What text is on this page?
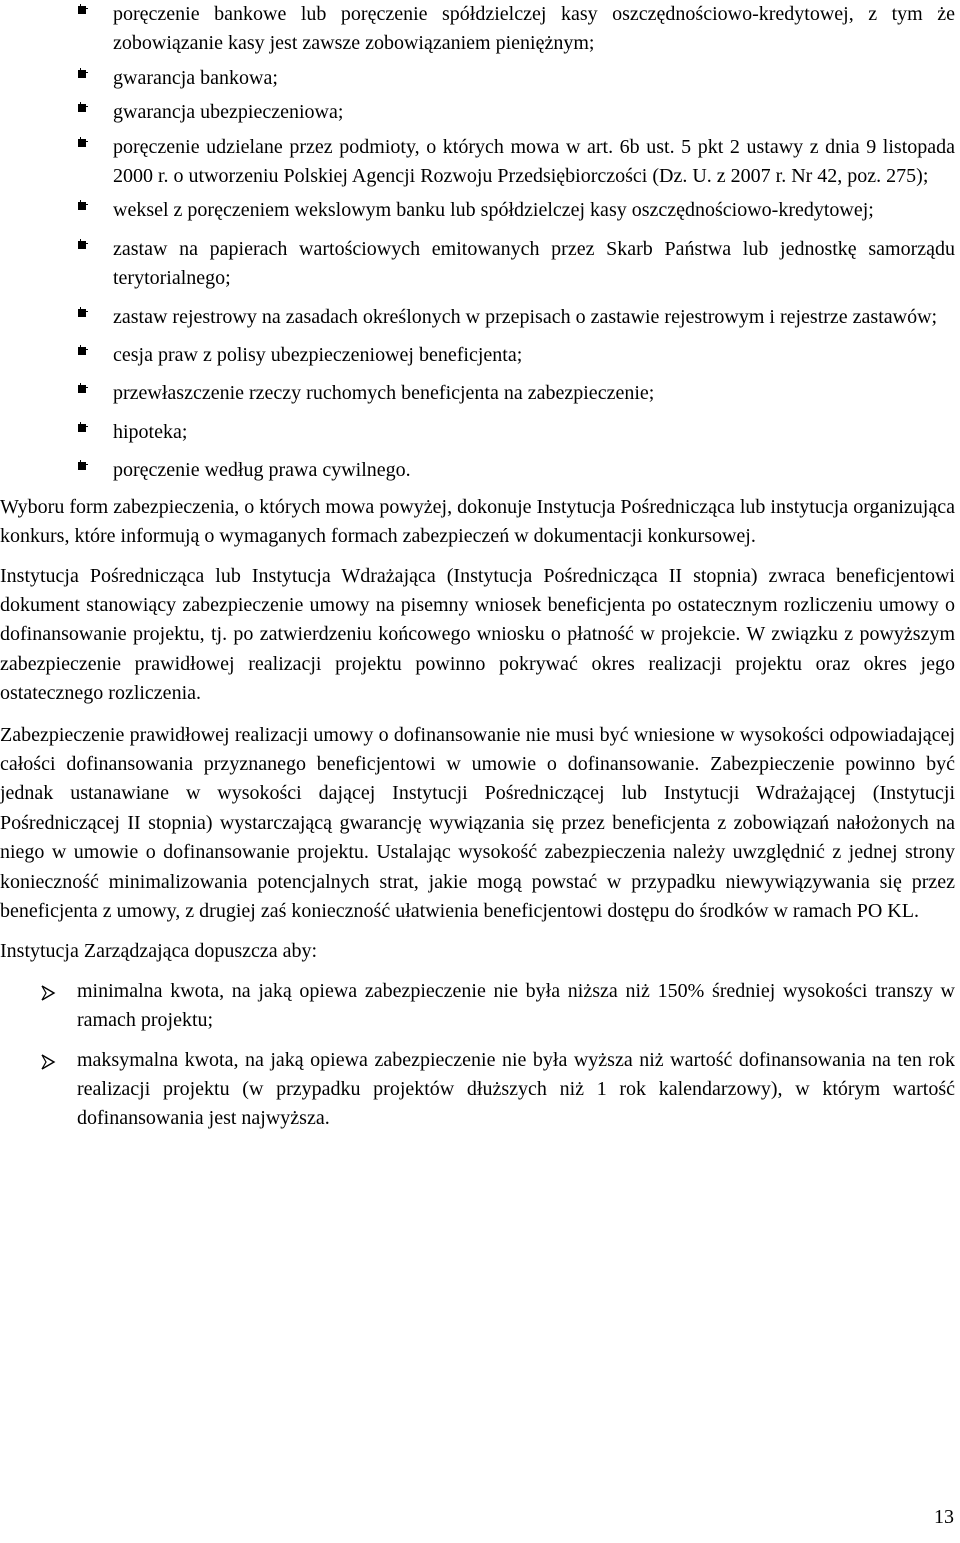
poręczenie bankowe lub poręczenie spółdzielczej kasy oszczędnościowo-kredytowej, z tym że zobowiązanie kasy jest zawsze zobowiązaniem pieniężnym;
gwarancja bankowa;
gwarancja ubezpieczeniowa;
poręczenie udzielane przez podmioty, o których mowa w art. 6b ust. 5 pkt 2 ustawy z dnia 9 listopada 2000 r. o utworzeniu Polskiej Agencji Rozwoju Przedsiębiorczości (Dz. U. z 2007 r. Nr 42, poz. 275);
weksel z poręczeniem wekslowym banku lub spółdzielczej kasy oszczędnościowo-kredytowej;
zastaw na papierach wartościowych emitowanych przez Skarb Państwa lub jednostkę samorządu terytorialnego;
zastaw rejestrowy na zasadach określonych w przepisach o zastawie rejestrowym i rejestrze zastawów;
cesja praw z polisy ubezpieczeniowej beneficjenta;
przewłaszczenie rzeczy ruchomych beneficjenta na zabezpieczenie;
hipoteka;
poręczenie według prawa cywilnego.

Wyboru form zabezpieczenia, o których mowa powyżej, dokonuje Instytucja Pośrednicząca lub instytucja organizująca konkurs, które informują o wymaganych formach zabezpieczeń w dokumentacji konkursowej.

Instytucja Pośrednicząca lub Instytucja Wdrażająca (Instytucja Pośrednicząca II stopnia) zwraca beneficjentowi dokument stanowiący zabezpieczenie umowy na pisemny wniosek beneficjenta po ostatecznym rozliczeniu umowy o dofinansowanie projektu, tj. po zatwierdzeniu końcowego wniosku o płatność w projekcie. W związku z powyższym zabezpieczenie prawidłowej realizacji projektu powinno pokrywać okres realizacji projektu oraz okres jego ostatecznego rozliczenia.

Zabezpieczenie prawidłowej realizacji umowy o dofinansowanie nie musi być wniesione w wysokości odpowiadającej całości dofinansowania przyznanego beneficjentowi w umowie o dofinansowanie. Zabezpieczenie powinno być jednak ustanawiane w wysokości dającej Instytucji Pośredniczącej lub Instytucji Wdrażającej (Instytucji Pośredniczącej II stopnia) wystarczającą gwarancję wywiązania się przez beneficjenta z zobowiązań nałożonych na niego w umowie o dofinansowanie projektu. Ustalając wysokość zabezpieczenia należy uwzględnić z jednej strony konieczność minimalizowania potencjalnych strat, jakie mogą powstać w przypadku niewywiązywania się przez beneficjenta z umowy, z drugiej zaś konieczność ułatwienia beneficjentowi dostępu do środków w ramach PO KL.

Instytucja Zarządzająca dopuszcza aby:

minimalna kwota, na jaką opiewa zabezpieczenie nie była niższa niż 150% średniej wysokości transzy w ramach projektu;
maksymalna kwota, na jaką opiewa zabezpieczenie nie była wyższa niż wartość dofinansowania na ten rok realizacji projektu (w przypadku projektów dłuższych niż 1 rok kalendarzowy), w którym wartość dofinansowania jest najwyższa.
13
